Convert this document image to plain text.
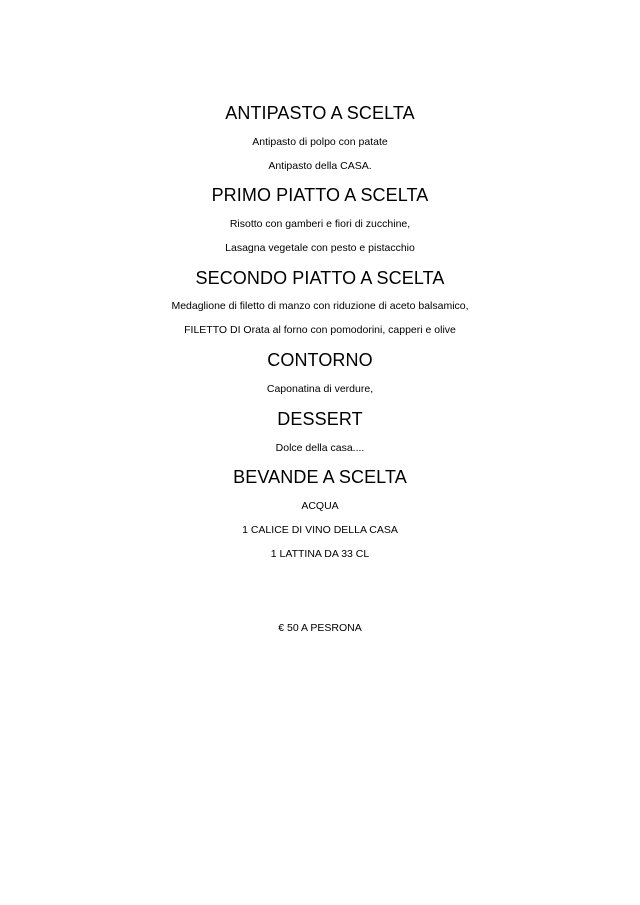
ANTIPASTO A SCELTA
Antipasto di polpo con patate
Antipasto della CASA.
PRIMO PIATTO A SCELTA
Risotto con gamberi e fiori di zucchine,
Lasagna vegetale con pesto e pistacchio
SECONDO PIATTO A SCELTA
Medaglione di filetto di manzo con riduzione di aceto balsamico,
FILETTO DI Orata al forno con pomodorini, capperi e olive
CONTORNO
Caponatina di verdure,
DESSERT
Dolce della casa....
BEVANDE A SCELTA
ACQUA
1 CALICE DI VINO DELLA CASA
1 LATTINA DA 33 CL
€ 50 A PESRONA
